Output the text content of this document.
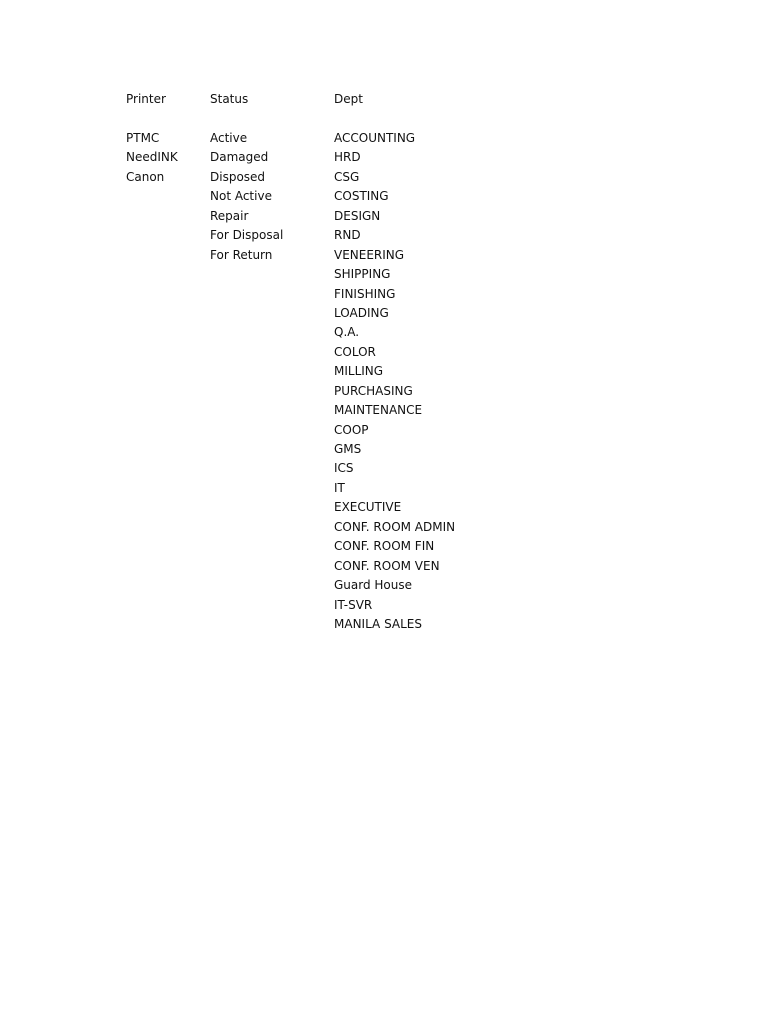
Printer
PTMC
NeedINK
Canon
Status
Active
Damaged
Disposed
Not Active
Repair
For Disposal
For Return
Dept
ACCOUNTING
HRD
CSG
COSTING
DESIGN
RND
VENEERING
SHIPPING
FINISHING
LOADING
Q.A.
COLOR
MILLING
PURCHASING
MAINTENANCE
COOP
GMS
ICS
IT
EXECUTIVE
CONF. ROOM ADMIN
CONF. ROOM FIN
CONF. ROOM VEN
Guard House
IT-SVR
MANILA SALES
